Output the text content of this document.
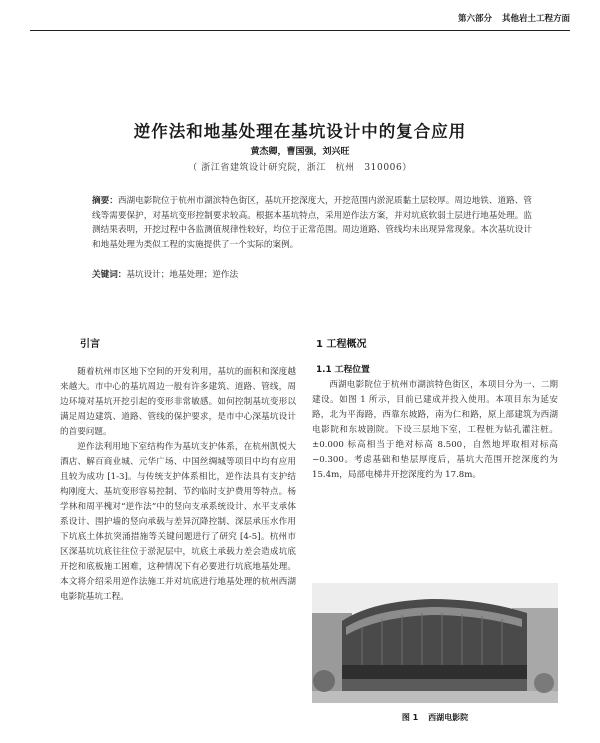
第六部分 其他岩土工程方面
逆作法和地基处理在基坑设计中的复合应用
黄杰卿，曹国强，刘兴旺
（ 浙江省建筑设计研究院，浙江　杭州　310006）
摘要：西湖电影院位于杭州市湖滨特色街区，基坑开挖深度大，开挖范围内淤泥质黏土层较厚。周边地铁、道路、管线等需要保护，对基坑变形控制要求较高。根据本基坑特点，采用逆作法方案，并对坑底软弱土层进行地基处理。监测结果表明，开挖过程中各监测值规律性较好，均位于正常范围。周边道路、管线均未出现异常现象。本次基坑设计和地基处理为类似工程的实施提供了一个实际的案例。
关键词：基坑设计；地基处理；逆作法
引言

随着杭州市区地下空间的开发利用，基坑的面积和深度越来越大。市中心的基坑周边一般有许多建筑、道路、管线，周边环境对基坑开挖引起的变形非常敏感。如何控制基坑变形以满足周边建筑、道路、管线的保护要求，是市中心深基坑设计的首要问题。

逆作法利用地下室结构作为基坑支护体系，在杭州凯悦大酒店、解百商业城、元华广场、中国丝绸城等项目中均有应用且较为成功 [1-3]。与传统支护体系相比，逆作法具有支护结构刚度大、基坑变形容易控制、节约临时支护费用等特点。杨学林和周平槐对“逆作法”中的竖向支承系统设计、水平支承体系设计、围护墙的竖向承载与差异沉降控制、深层承压水作用下坑底土体抗突涌措施等关键问题进行了研究 [4-5]。杭州市区深基坑坑底往往位于淤泥层中，坑底土承载力差会造成坑底开挖和底板施工困难，这种情况下有必要进行坑底地基处理。本文将介绍采用逆作法施工并对坑底进行地基处理的杭州西湖电影院基坑工程。

1 工程概况
1.1 工程位置

西湖电影院位于杭州市湖滨特色街区，本项目分为一、二期建设。如图 1 所示，目前已建成并投入使用。本项目东为延安路，北为平海路，西靠东坡路，南为仁和路，原上部建筑为西湖电影院和东坡剧院。下设三层地下室，工程桩为钻孔灌注桩。±0.000 标高相当于绝对标高 8.500，自然地坪取相对标高 −0.300。考虑基础和垫层厚度后，基坑大范围开挖深度约为 15.4m，局部电梯井开挖深度约为 17.8m。

图 1 西湖电影院
